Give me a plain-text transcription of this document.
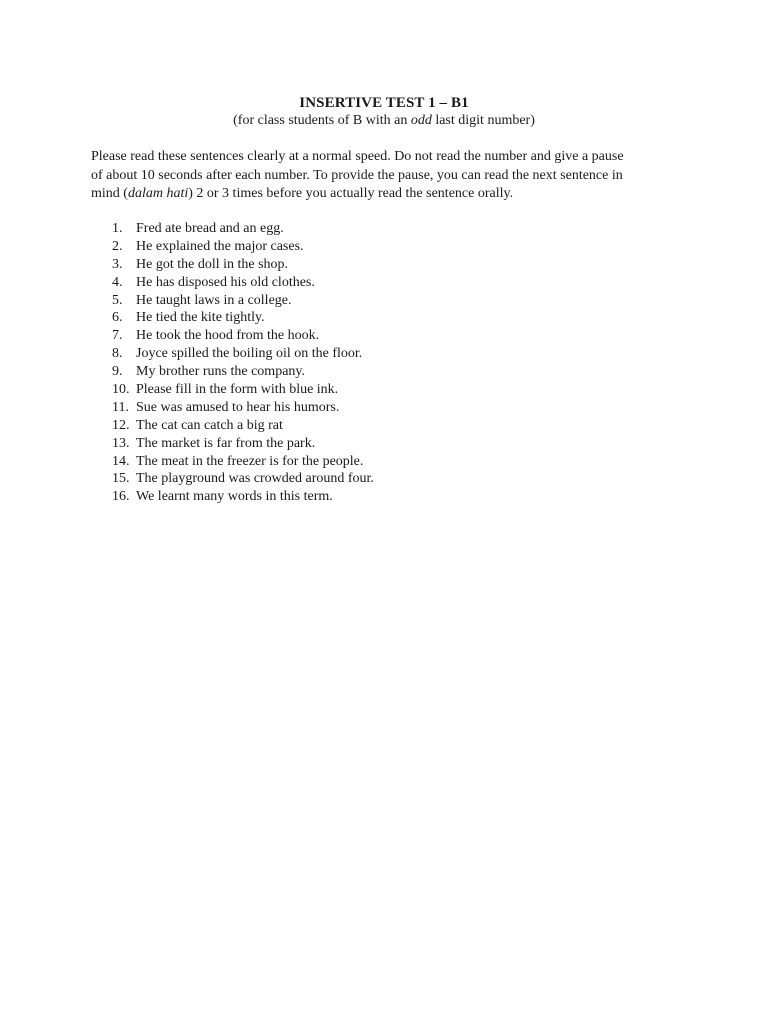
INSERTIVE TEST 1 – B1
(for class students of B with an odd last digit number)

Please read these sentences clearly at a normal speed. Do not read the number and give a pause

of about 10 seconds after each number. To provide the pause, you can read the next sentence in

mind (dalam hati) 2 or 3 times before you actually read the sentence orally.

1. Fred ate bread and an egg.
2. He explained the major cases.
3. He got the doll in the shop.
4. He has disposed his old clothes.
5. He taught laws in a college.
6. He tied the kite tightly.
7. He took the hood from the hook.
8. Joyce spilled the boiling oil on the floor.
9. My brother runs the company.
10. Please fill in the form with blue ink.
11. Sue was amused to hear his humors.
12. The cat can catch a big rat
13. The market is far from the park.
14. The meat in the freezer is for the people.
15. The playground was crowded around four.
16. We learnt many words in this term.
